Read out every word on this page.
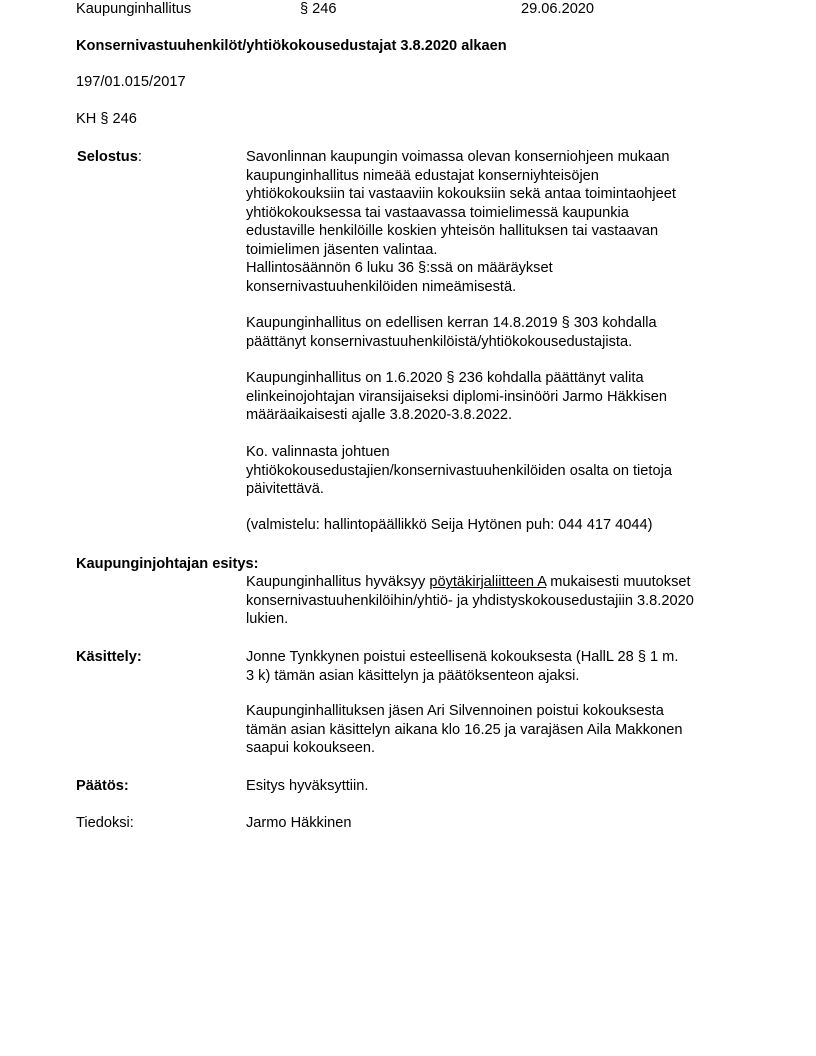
Kaupunginhallitus	§ 246	29.06.2020
Konsernivastuuhenkilöt/yhtiökokousedustajat 3.8.2020 alkaen
197/01.015/2017
KH § 246
Selostus:	Savonlinnan kaupungin voimassa olevan konserniohjeen mukaan
kaupunginhallitus nimeää edustajat konserniyhteisöjen
yhtiökokouksiin tai vastaaviin kokouksiin sekä antaa toimintaohjeet
yhtiökokouksessa tai vastaavassa toimielimessä kaupunkia
edustaville henkilöille koskien yhteisön hallituksen tai vastaavan
toimielimen jäsenten valintaa.
Hallintosäännön 6 luku 36 §:ssä on määräykset
konsernivastuuhenkilöiden nimeämisestä.
Kaupunginhallitus on edellisen kerran 14.8.2019 § 303 kohdalla
päättänyt konsernivastuuhenkilöistä/yhtiökokousedustajista.
Kaupunginhallitus on 1.6.2020 § 236 kohdalla päättänyt valita
elinkeinojohtajan viransijaiseksi diplomi-insinööri Jarmo Häkkisen
määräaikaisesti ajalle 3.8.2020-3.8.2022.
Ko. valinnasta johtuen
yhtiökokousedustajien/konsernivastuuhenkilöiden osalta on tietoja
päivitettävä.
(valmistelu: hallintopäällikkö Seija Hytönen puh: 044 417 4044)
Kaupunginjohtajan esitys:
Kaupunginhallitus hyväksyy pöytäkirjaliitteen A mukaisesti muutokset
konsernivastuuhenkilöihin/yhtiö- ja yhdistyskokousedustajiin 3.8.2020
lukien.
Käsittely:	Jonne Tynkkynen poistui esteellisenä kokouksesta (HallL 28 § 1 m.
3 k) tämän asian käsittelyn ja päätöksenteon ajaksi.
Kaupunginhallituksen jäsen Ari Silvennoinen poistui kokouksesta
tämän asian käsittelyn aikana klo 16.25 ja varajäsen Aila Makkonen
saapui kokoukseen.
Päätös:	Esitys hyväksyttiin.
Tiedoksi:	Jarmo Häkkinen
